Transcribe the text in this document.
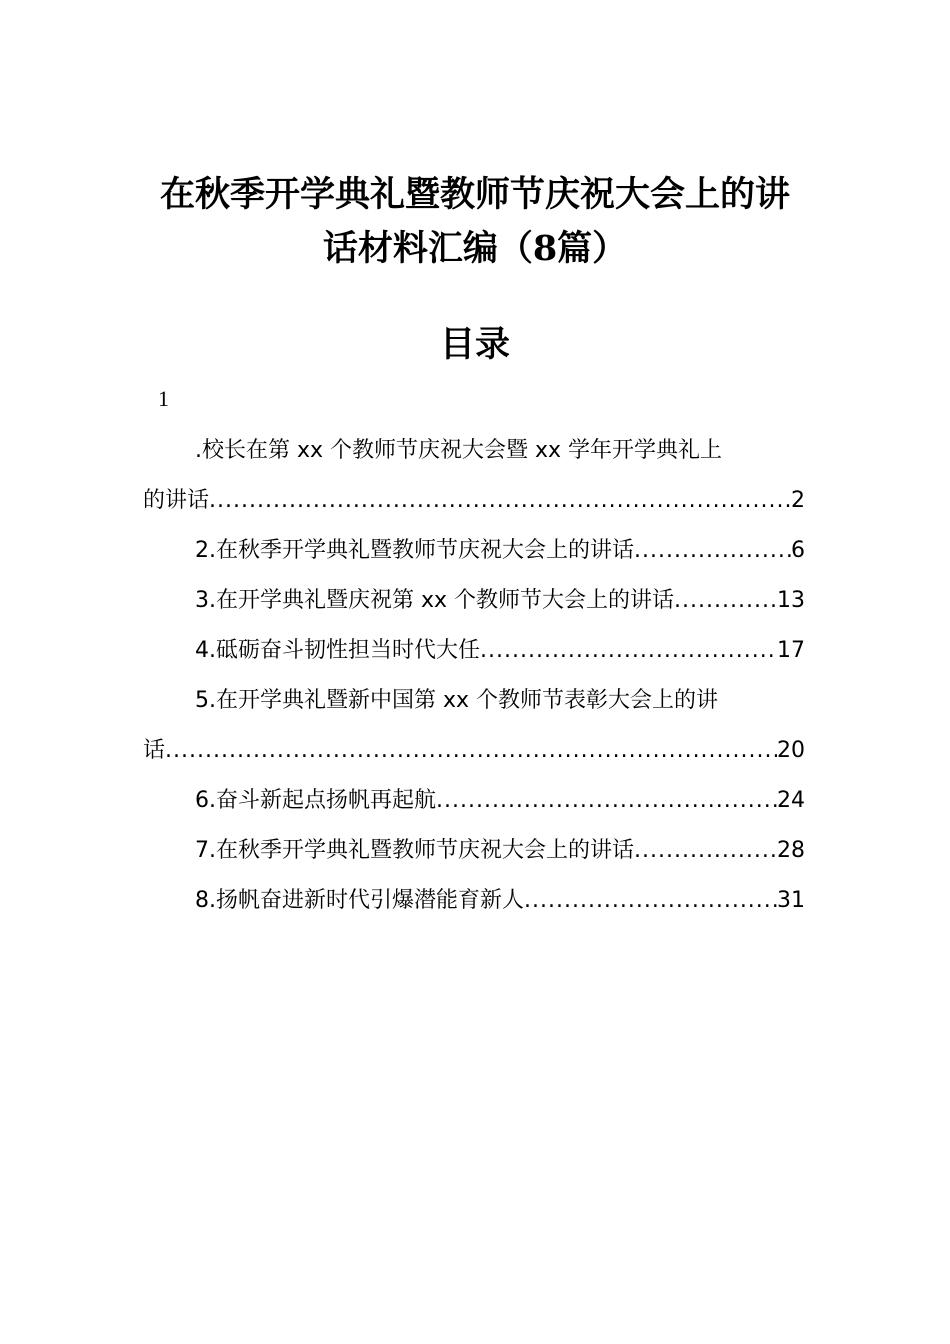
在秋季开学典礼暨教师节庆祝大会上的讲
话材料汇编（8篇）
目录
1
.校长在第 xx 个教师节庆祝大会暨 xx 学年开学典礼上
的讲话 .....	2
2.在秋季开学典礼暨教师节庆祝大会上的讲话 .....	6
3.在开学典礼暨庆祝第 xx 个教师节大会上的讲话 .....	13
4.砥砺奋斗韧性担当时代大任 .....	17
5.在开学典礼暨新中国第 xx 个教师节表彰大会上的讲
话 .....	20
6.奋斗新起点扬帆再起航 .....	24
7.在秋季开学典礼暨教师节庆祝大会上的讲话 .....	28
8.扬帆奋进新时代引爆潜能育新人 .....	31
